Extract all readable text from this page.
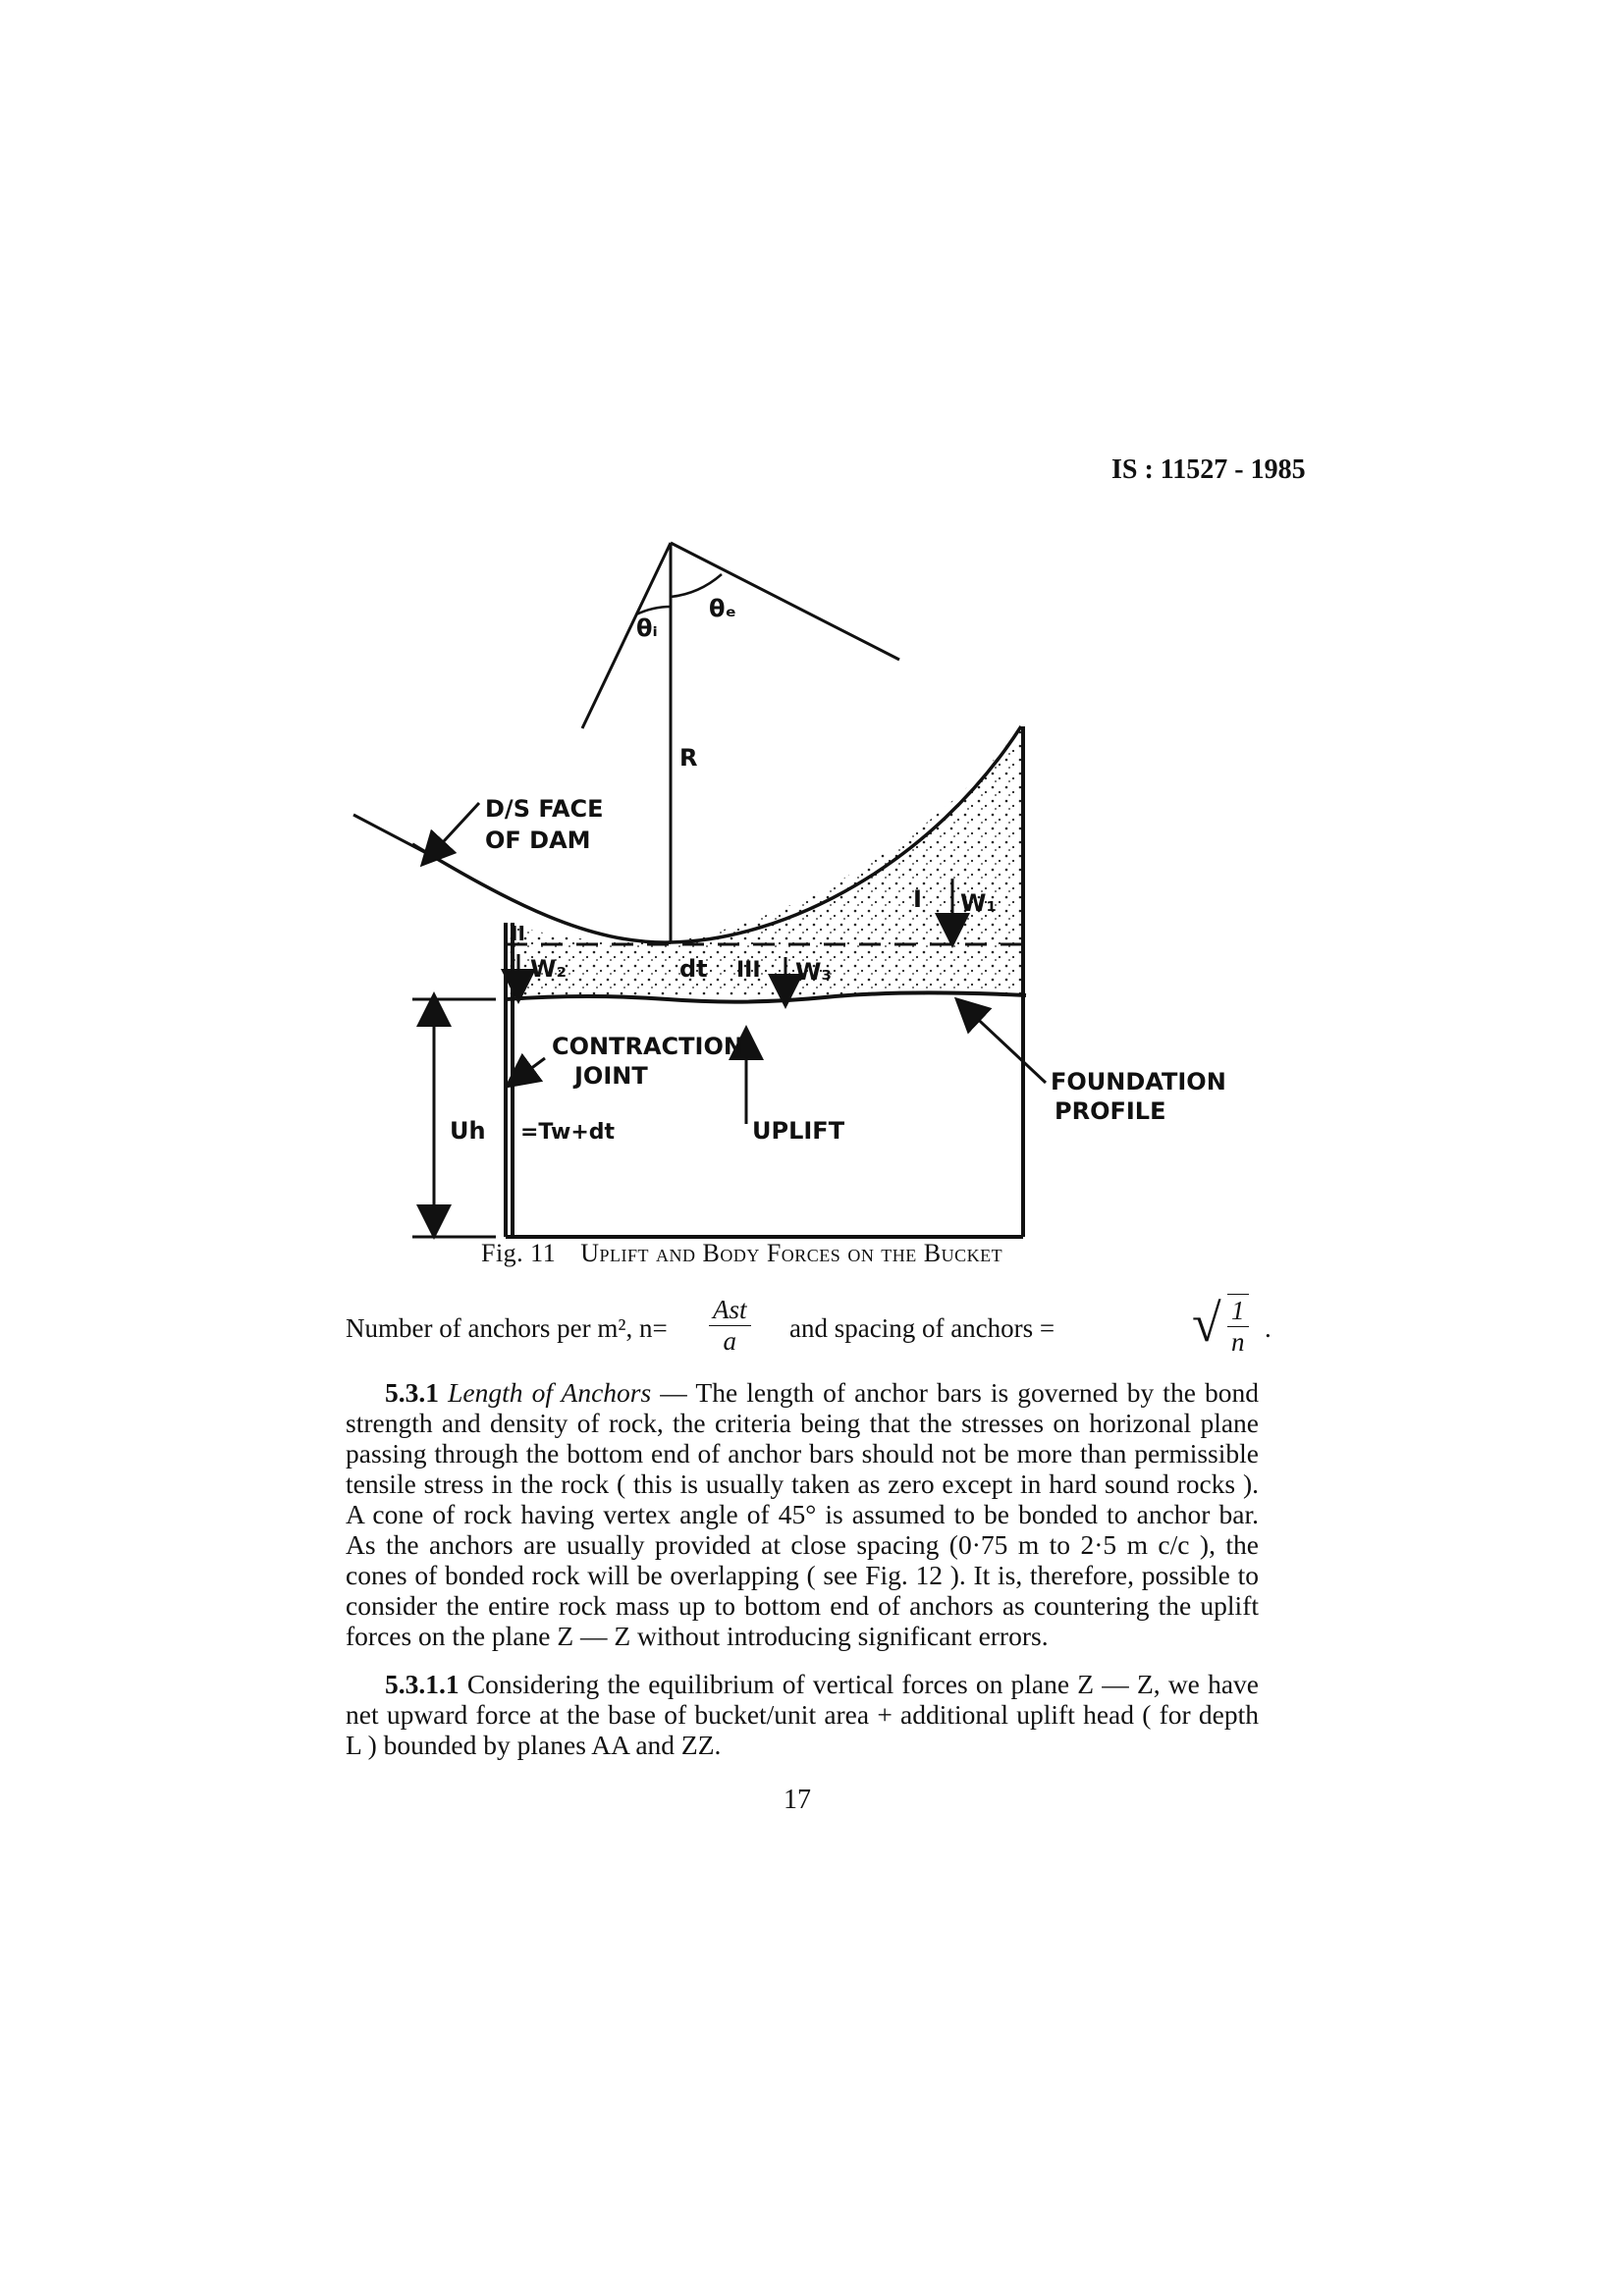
IS : 11527 - 1985
θᵢ
θₑ
R
D/S FACE
OF DAM
I W₁
II
W₂	dt III W₃
CONTRACTION
JOINT
=Tw+dt	UPLIFT
Uh
FOUNDATION
PROFILE
Fig. 11 Uplift and Body Forces on the Bucket
Number of anchors per m², n=
Ast
a	and spacing of anchors =	√ $\frac{1}{n}$ .
5.3.1 Length of Anchors — The length of anchor bars is governed by the bond strength and density of rock, the criteria being that the stresses on horizonal plane passing through the bottom end of anchor bars should not be more than permissible tensile stress in the rock ( this is usually taken as zero except in hard sound rocks ). A cone of rock having vertex angle of 45° is assumed to be bonded to anchor bar. As the anchors are usually provided at close spacing (0·75 m to 2·5 m c/c ), the cones of bonded rock will be overlapping ( see Fig. 12 ). It is, therefore, possible to consider the entire rock mass up to bottom end of anchors as countering the uplift forces on the plane Z — Z without introducing significant errors.
5.3.1.1 Considering the equilibrium of vertical forces on plane Z — Z, we have net upward force at the base of bucket/unit area + additional uplift head ( for depth L ) bounded by planes AA and ZZ.
17
